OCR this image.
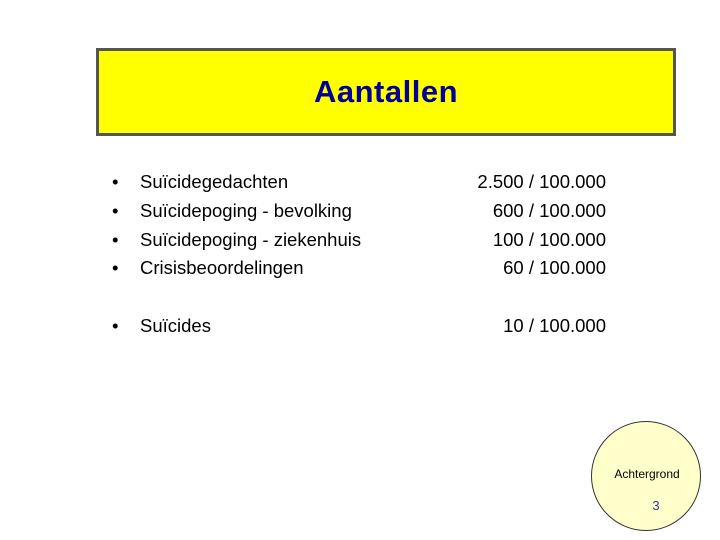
Aantallen
• Suïcidegedachten	2.500 / 100.000
• Suïcidepoging - bevolking	600 / 100.000
• Suïcidepoging - ziekenhuis	100 / 100.000
• Crisisbeoordelingen	60 / 100.000
• Suïcides	10 / 100.000
Achtergrond
3
